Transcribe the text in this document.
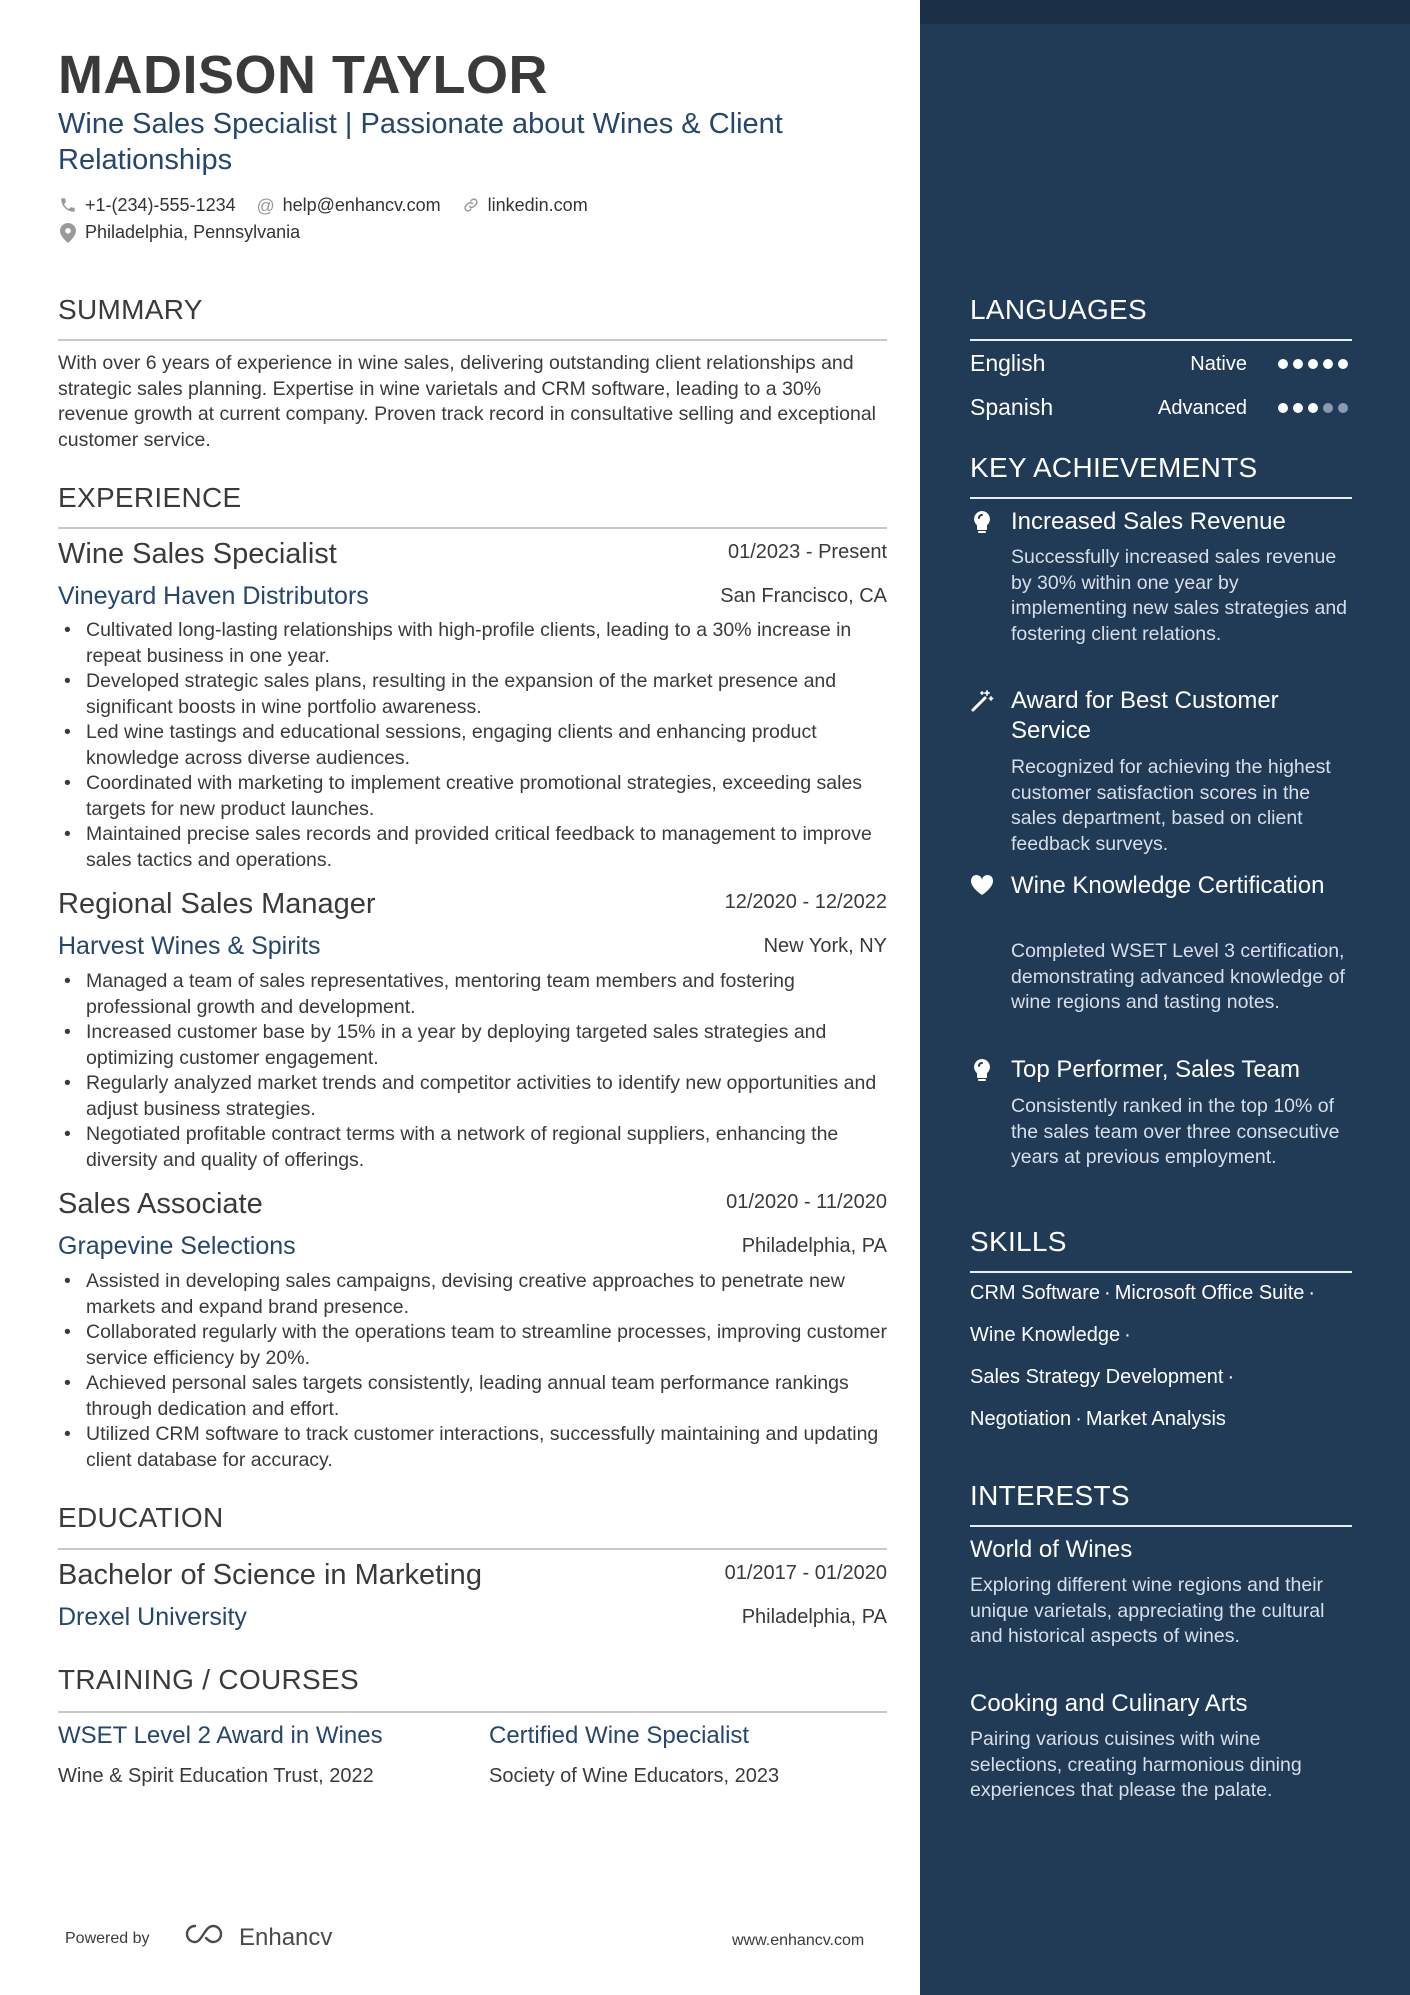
MADISON TAYLOR
Wine Sales Specialist | Passionate about Wines & Client Relationships
+1-(234)-555-1234 @ help@enhancv.com	linkedin.com
Philadelphia, Pennsylvania
SUMMARY
With over 6 years of experience in wine sales, delivering outstanding client relationships and strategic sales planning. Expertise in wine varietals and CRM software, leading to a 30% revenue growth at current company. Proven track record in consultative selling and exceptional customer service.
EXPERIENCE
Wine Sales Specialist	01/2023 - Present
Vineyard Haven Distributors	San Francisco, CA
• Cultivated long-lasting relationships with high-profile clients, leading to a 30% increase in repeat business in one year.
• Developed strategic sales plans, resulting in the expansion of the market presence and significant boosts in wine portfolio awareness.
• Led wine tastings and educational sessions, engaging clients and enhancing product knowledge across diverse audiences.
• Coordinated with marketing to implement creative promotional strategies, exceeding sales targets for new product launches.
• Maintained precise sales records and provided critical feedback to management to improve sales tactics and operations.
Regional Sales Manager	12/2020 - 12/2022
Harvest Wines & Spirits	New York, NY
• Managed a team of sales representatives, mentoring team members and fostering professional growth and development.
• Increased customer base by 15% in a year by deploying targeted sales strategies and optimizing customer engagement.
• Regularly analyzed market trends and competitor activities to identify new opportunities and adjust business strategies.
• Negotiated profitable contract terms with a network of regional suppliers, enhancing the diversity and quality of offerings.
Sales Associate	01/2020 - 11/2020
Grapevine Selections	Philadelphia, PA
• Assisted in developing sales campaigns, devising creative approaches to penetrate new markets and expand brand presence.
• Collaborated regularly with the operations team to streamline processes, improving customer service efficiency by 20%.
• Achieved personal sales targets consistently, leading annual team performance rankings through dedication and effort.
• Utilized CRM software to track customer interactions, successfully maintaining and updating client database for accuracy.
EDUCATION
Bachelor of Science in Marketing	01/2017 - 01/2020
Drexel University	Philadelphia, PA
TRAINING / COURSES
WSET Level 2 Award in Wines
Wine & Spirit Education Trust, 2022
Certified Wine Specialist
Society of Wine Educators, 2023
Powered by	Enhancv	www.enhancv.com
LANGUAGES
English	Native
Spanish	Advanced
KEY ACHIEVEMENTS
Increased Sales Revenue
Successfully increased sales revenue by 30% within one year by implementing new sales strategies and fostering client relations.
Award for Best Customer Service
Recognized for achieving the highest customer satisfaction scores in the sales department, based on client feedback surveys.
Wine Knowledge Certification
Completed WSET Level 3 certification, demonstrating advanced knowledge of wine regions and tasting notes.
Top Performer, Sales Team
Consistently ranked in the top 10% of the sales team over three consecutive years at previous employment.
SKILLS
CRM Software · Microsoft Office Suite ·
Wine Knowledge ·
Sales Strategy Development ·
Negotiation · Market Analysis
INTERESTS
World of Wines
Exploring different wine regions and their unique varietals, appreciating the cultural and historical aspects of wines.
Cooking and Culinary Arts
Pairing various cuisines with wine selections, creating harmonious dining experiences that please the palate.
